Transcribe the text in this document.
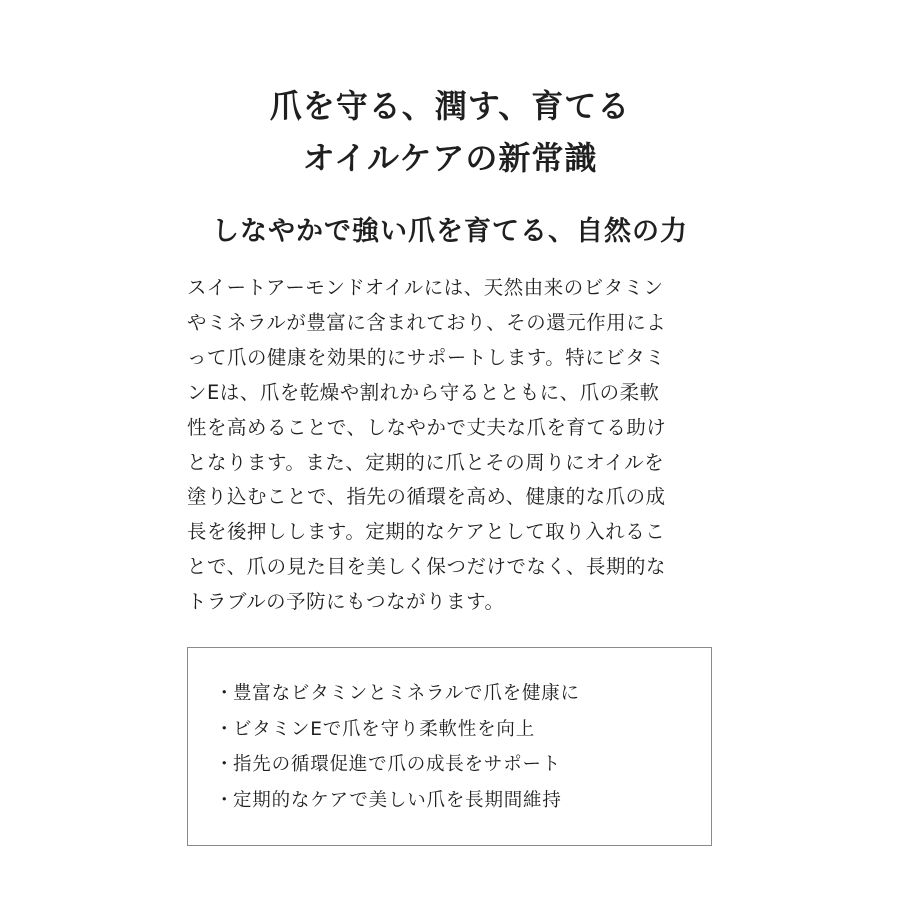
爪を守る、潤す、育てる
オイルケアの新常識
しなやかで強い爪を育てる、自然の力
スイートアーモンドオイルには、天然由来のビタミン
やミネラルが豊富に含まれており、その還元作用によ
って爪の健康を効果的にサポートします。特にビタミ
ンEは、爪を乾燥や割れから守るとともに、爪の柔軟
性を高めることで、しなやかで丈夫な爪を育てる助け
となります。また、定期的に爪とその周りにオイルを
塗り込むことで、指先の循環を高め、健康的な爪の成
長を後押しします。定期的なケアとして取り入れるこ
とで、爪の見た目を美しく保つだけでなく、長期的な
トラブルの予防にもつながります。
・豊富なビタミンとミネラルで爪を健康に
・ビタミンEで爪を守り柔軟性を向上
・指先の循環促進で爪の成長をサポート
・定期的なケアで美しい爪を長期間維持
